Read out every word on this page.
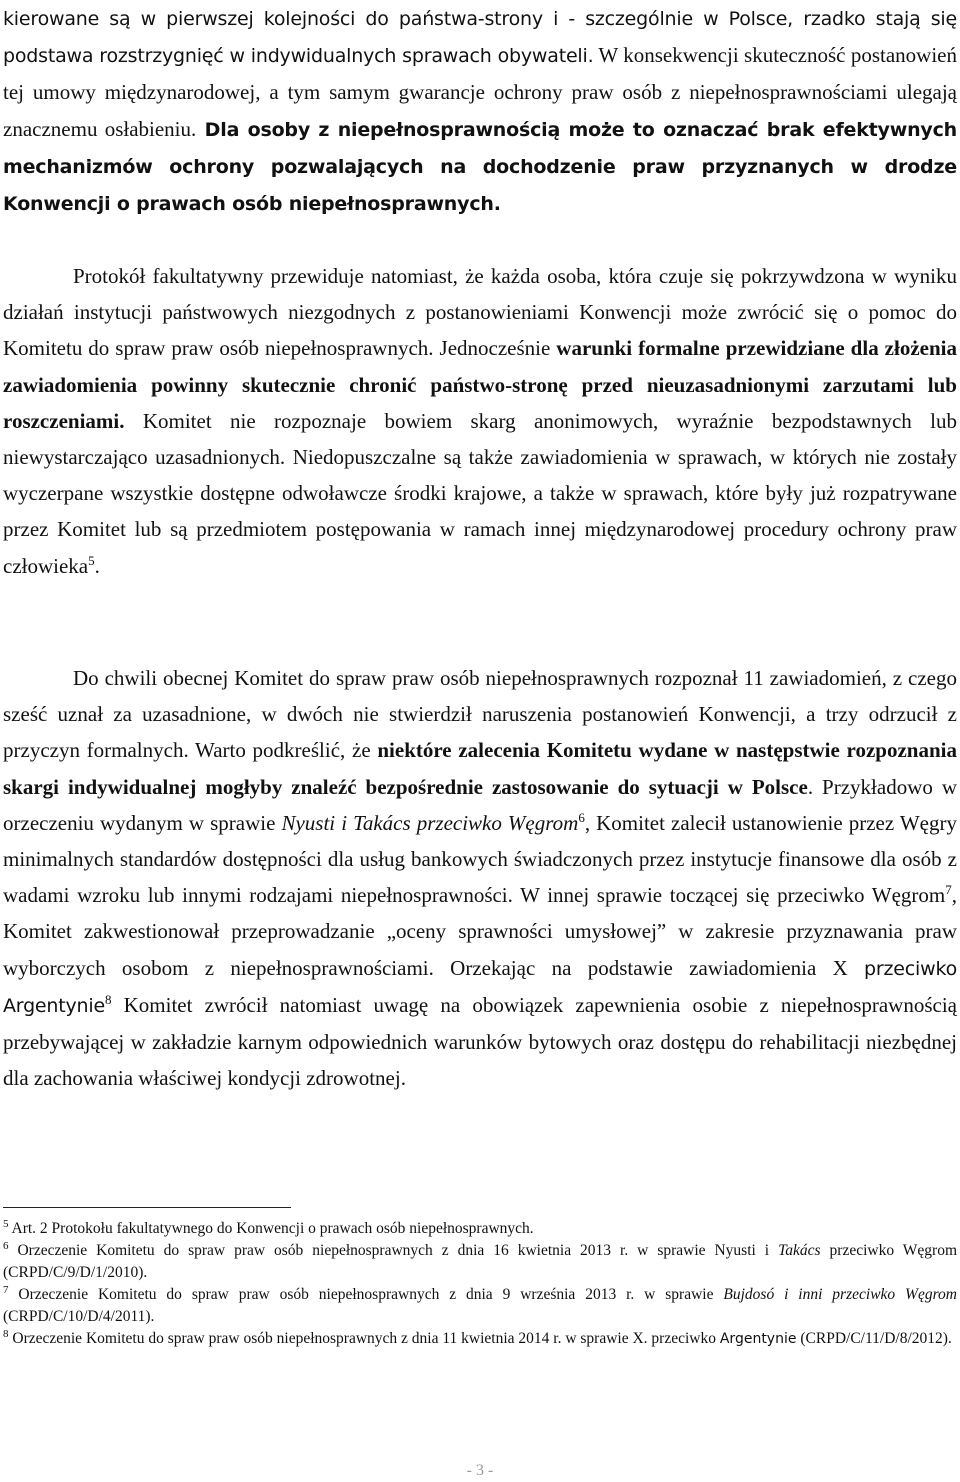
kierowane są w pierwszej kolejności do państwa-strony i - szczególnie w Polsce, rzadko stają się podstawa rozstrzygnięć w indywidualnych sprawach obywateli. W konsekwencji skuteczność postanowień tej umowy międzynarodowej, a tym samym gwarancje ochrony praw osób z niepełnosprawnościami ulegają znacznemu osłabieniu. Dla osoby z niepełnosprawnością może to oznaczać brak efektywnych mechanizmów ochrony pozwalających na dochodzenie praw przyznanych w drodze Konwencji o prawach osób niepełnosprawnych.

Protokół fakultatywny przewiduje natomiast, że każda osoba, która czuje się pokrzywdzona w wyniku działań instytucji państwowych niezgodnych z postanowieniami Konwencji może zwrócić się o pomoc do Komitetu do spraw praw osób niepełnosprawnych. Jednocześnie warunki formalne przewidziane dla złożenia zawiadomienia powinny skutecznie chronić państwo-stronę przed nieuzasadnionymi zarzutami lub roszczeniami. Komitet nie rozpoznaje bowiem skarg anonimowych, wyraźnie bezpodstawnych lub niewystarczająco uzasadnionych. Niedopuszczalne są także zawiadomienia w sprawach, w których nie zostały wyczerpane wszystkie dostępne odwoławcze środki krajowe, a także w sprawach, które były już rozpatrywane przez Komitet lub są przedmiotem postępowania w ramach innej międzynarodowej procedury ochrony praw człowieka$^5$.

Do chwili obecnej Komitet do spraw praw osób niepełnosprawnych rozpoznał 11 zawiadomień, z czego sześć uznał za uzasadnione, w dwóch nie stwierdził naruszenia postanowień Konwencji, a trzy odrzucił z przyczyn formalnych. Warto podkreślić, że niektóre zalecenia Komitetu wydane w następstwie rozpoznania skargi indywidualnej mogłyby znaleźć bezpośrednie zastosowanie do sytuacji w Polsce. Przykładowo w orzeczeniu wydanym w sprawie Nyusti i Takács przeciwko Węgrom$^6$, Komitet zalecił ustanowienie przez Węgry minimalnych standardów dostępności dla usług bankowych świadczonych przez instytucje finansowe dla osób z wadami wzroku lub innymi rodzajami niepełnosprawności. W innej sprawie toczącej się przeciwko Węgrom$^7$, Komitet zakwestionował przeprowadzanie „oceny sprawności umysłowej” w zakresie przyznawania praw wyborczych osobom z niepełnosprawnościami. Orzekając na podstawie zawiadomienia X przeciwko Argentynie$^8$ Komitet zwrócił natomiast uwagę na obowiązek zapewnienia osobie z niepełnosprawnością przebywającej w zakładzie karnym odpowiednich warunków bytowych oraz dostępu do rehabilitacji niezbędnej dla zachowania właściwej kondycji zdrowotnej.

$^5$ Art. 2 Protokołu fakultatywnego do Konwencji o prawach osób niepełnosprawnych.

$^6$ Orzeczenie Komitetu do spraw praw osób niepełnosprawnych z dnia 16 kwietnia 2013 r. w sprawie Nyusti i Takács przeciwko Węgrom (CRPD/C/9/D/1/2010).

$^7$ Orzeczenie Komitetu do spraw praw osób niepełnosprawnych z dnia 9 września 2013 r. w sprawie Bujdosó i inni przeciwko Węgrom (CRPD/C/10/D/4/2011).

$^8$ Orzeczenie Komitetu do spraw praw osób niepełnosprawnych z dnia 11 kwietnia 2014 r. w sprawie X. przeciwko Argentynie (CRPD/C/11/D/8/2012).

- 3 -
